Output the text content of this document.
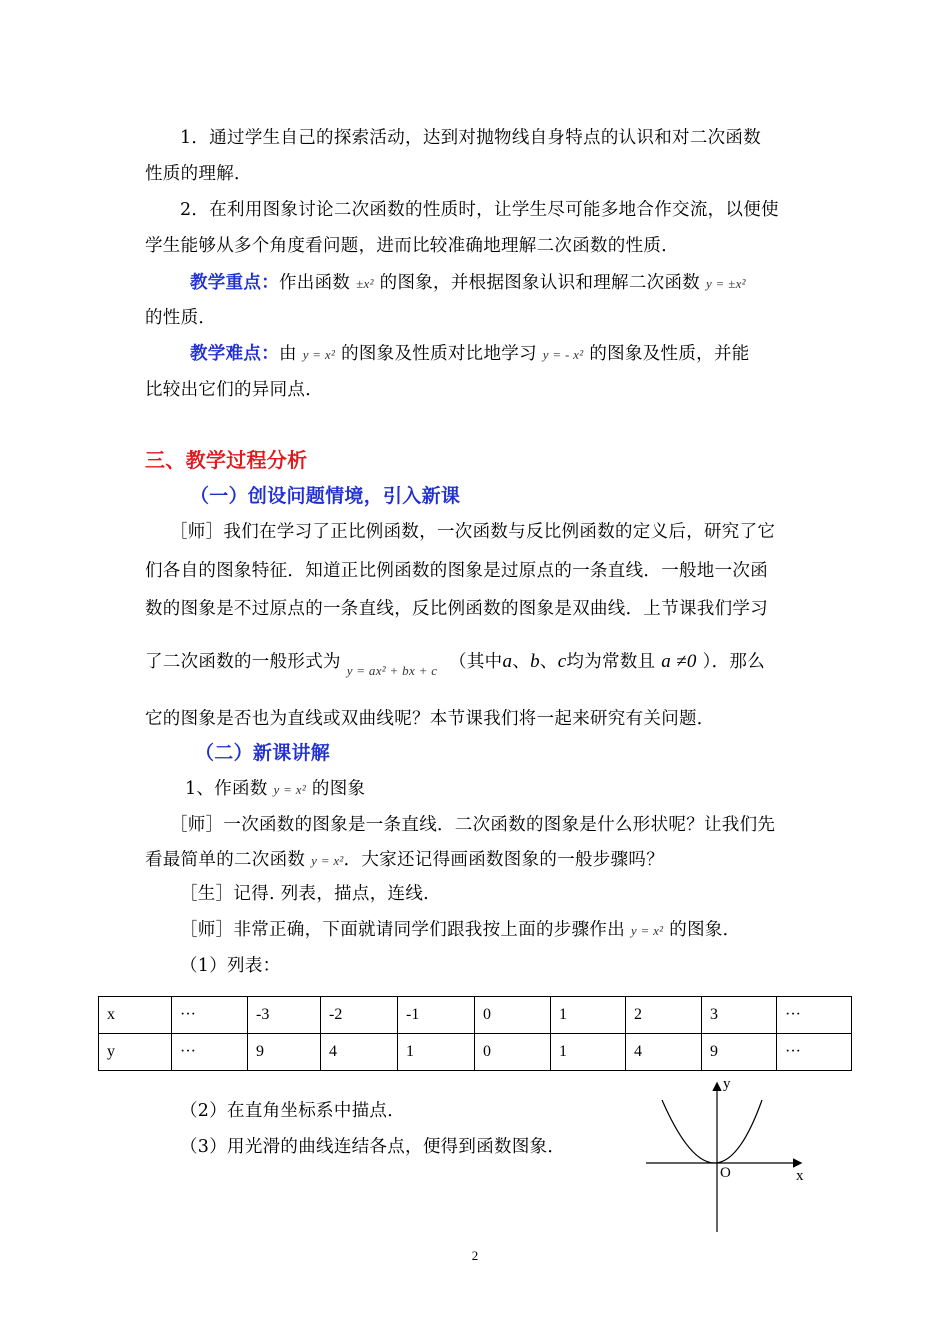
1．通过学生自己的探索活动，达到对抛物线自身特点的认识和对二次函数
性质的理解．
2．在利用图象讨论二次函数的性质时，让学生尽可能多地合作交流，以便使
学生能够从多个角度看问题，进而比较准确地理解二次函数的性质．
教学重点：作出函数 ±x² 的图象，并根据图象认识和理解二次函数 y = ±x²
的性质．
教学难点：由 y = x² 的图象及性质对比地学习 y = - x² 的图象及性质，并能
比较出它们的异同点．
三、教学过程分析
（一）创设问题情境，引入新课
［师］我们在学习了正比例函数，一次函数与反比例函数的定义后，研究了它
们各自的图象特征．知道正比例函数的图象是过原点的一条直线．一般地一次函
数的图象是不过原点的一条直线，反比例函数的图象是双曲线．上节课我们学习
了二次函数的一般形式为 $_{y = ax^2 + bx + c}$ （其中a、b、c均为常数且 a ≠0 ）．那么
它的图象是否也为直线或双曲线呢？本节课我们将一起来研究有关问题．
（二）新课讲解
1、作函数 y = x² 的图象
［师］一次函数的图象是一条直线．二次函数的图象是什么形状呢？让我们先
看最简单的二次函数 y = x²．大家还记得画函数图象的一般步骤吗？
［生］记得. 列表，描点，连线.
［师］非常正确，下面就请同学们跟我按上面的步骤作出 y = x² 的图象．
（1）列表：
x	···	-3	-2	-1	0	1	2	3	···
y	···	9	4	1	0	1	4	9	···
（2）在直角坐标系中描点．
（3）用光滑的曲线连结各点，便得到函数图象．
y
x
O
2
